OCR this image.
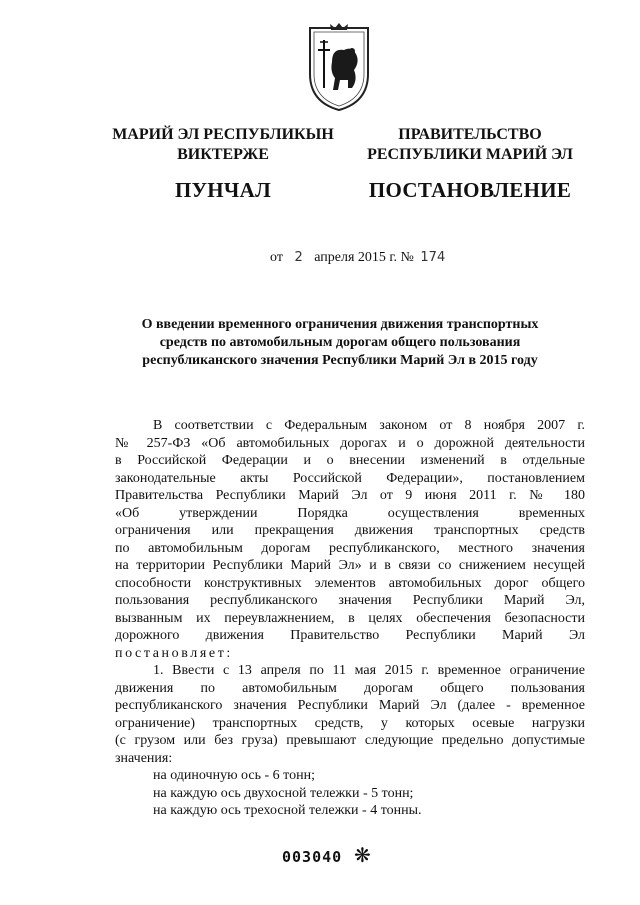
МАРИЙ ЭЛ РЕСПУБЛИКЫН
ВИКТЕРЖЕ
ПУНЧАЛ
ПРАВИТЕЛЬСТВО
РЕСПУБЛИКИ МАРИЙ ЭЛ
ПОСТАНОВЛЕНИЕ
от 2 апреля 2015 г. № 174
О введении временного ограничения движения транспортных
средств по автомобильным дорогам общего пользования
республиканского значения Республики Марий Эл в 2015 году
В соответствии с Федеральным законом от 8 ноября 2007 г.
№ 257-ФЗ «Об автомобильных дорогах и о дорожной деятельности
в Российской Федерации и о внесении изменений в отдельные
законодательные акты Российской Федерации», постановлением
Правительства Республики Марий Эл от 9 июня 2011 г. № 180
«Об утверждении Порядка осуществления временных
ограничения или прекращения движения транспортных средств
по автомобильным дорогам республиканского, местного значения
на территории Республики Марий Эл» и в связи со снижением несущей
способности конструктивных элементов автомобильных дорог общего
пользования республиканского значения Республики Марий Эл,
вызванным их переувлажнением, в целях обеспечения безопасности
дорожного движения Правительство Республики Марий Эл
постановляет:
1. Ввести с 13 апреля по 11 мая 2015 г. временное ограничение
движения по автомобильным дорогам общего пользования
республиканского значения Республики Марий Эл (далее - временное
ограничение) транспортных средств, у которых осевые нагрузки
(с грузом или без груза) превышают следующие предельно допустимые
значения:
на одиночную ось - 6 тонн;
на каждую ось двухосной тележки - 5 тонн;
на каждую ось трехосной тележки - 4 тонны.
003040 ❋
